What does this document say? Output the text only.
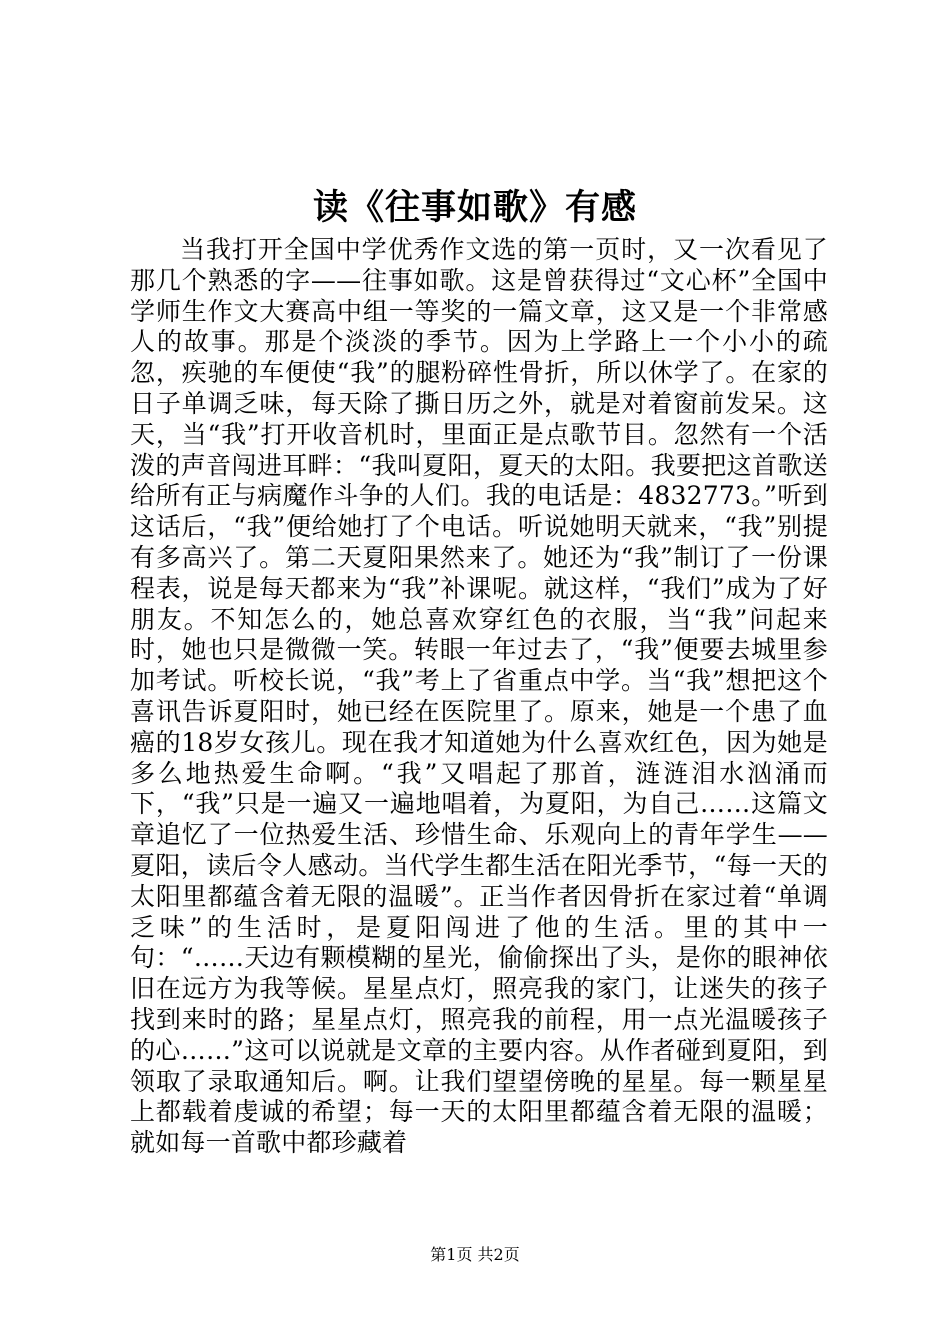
读《往事如歌》有感

当我打开全国中学优秀作文选的第一页时，又一次看见了那几个熟悉的字——往事如歌。这是曾获得过“文心杯”全国中学师生作文大赛高中组一等奖的一篇文章，这又是一个非常感人的故事。那是个淡淡的季节。因为上学路上一个小小的疏忽，疾驰的车便使“我”的腿粉碎性骨折，所以休学了。在家的日子单调乏味，每天除了撕日历之外，就是对着窗前发呆。这天，当“我”打开收音机时，里面正是点歌节目。忽然有一个活泼的声音闯进耳畔：“我叫夏阳，夏天的太阳。我要把这首歌送给所有正与病魔作斗争的人们。我的电话是：4832773。”听到这话后，“我”便给她打了个电话。听说她明天就来，“我”别提有多高兴了。第二天夏阳果然来了。她还为“我”制订了一份课程表，说是每天都来为“我”补课呢。就这样，“我们”成为了好朋友。不知怎么的，她总喜欢穿红色的衣服，当“我”问起来时，她也只是微微一笑。转眼一年过去了，“我”便要去城里参加考试。听校长说，“我”考上了省重点中学。当“我”想把这个喜讯告诉夏阳时，她已经在医院里了。原来，她是一个患了血癌的18岁女孩儿。现在我才知道她为什么喜欢红色，因为她是多么地热爱生命啊。“我”又唱起了那首，涟涟泪水汹涌而下，“我”只是一遍又一遍地唱着，为夏阳，为自己……这篇文章追忆了一位热爱生活、珍惜生命、乐观向上的青年学生——夏阳，读后令人感动。当代学生都生活在阳光季节，“每一天的太阳里都蕴含着无限的温暖”。正当作者因骨折在家过着“单调乏味”的生活时，是夏阳闯进了他的生活。里的其中一句：“……天边有颗模糊的星光，偷偷探出了头，是你的眼神依旧在远方为我等候。星星点灯，照亮我的家门，让迷失的孩子找到来时的路；星星点灯，照亮我的前程，用一点光温暖孩子的心……”这可以说就是文章的主要内容。从作者碰到夏阳，到领取了录取通知后。啊。让我们望望傍晚的星星。每一颗星星上都载着虔诚的希望；每一天的太阳里都蕴含着无限的温暖；就如每一首歌中都珍藏着

第1页 共2页
